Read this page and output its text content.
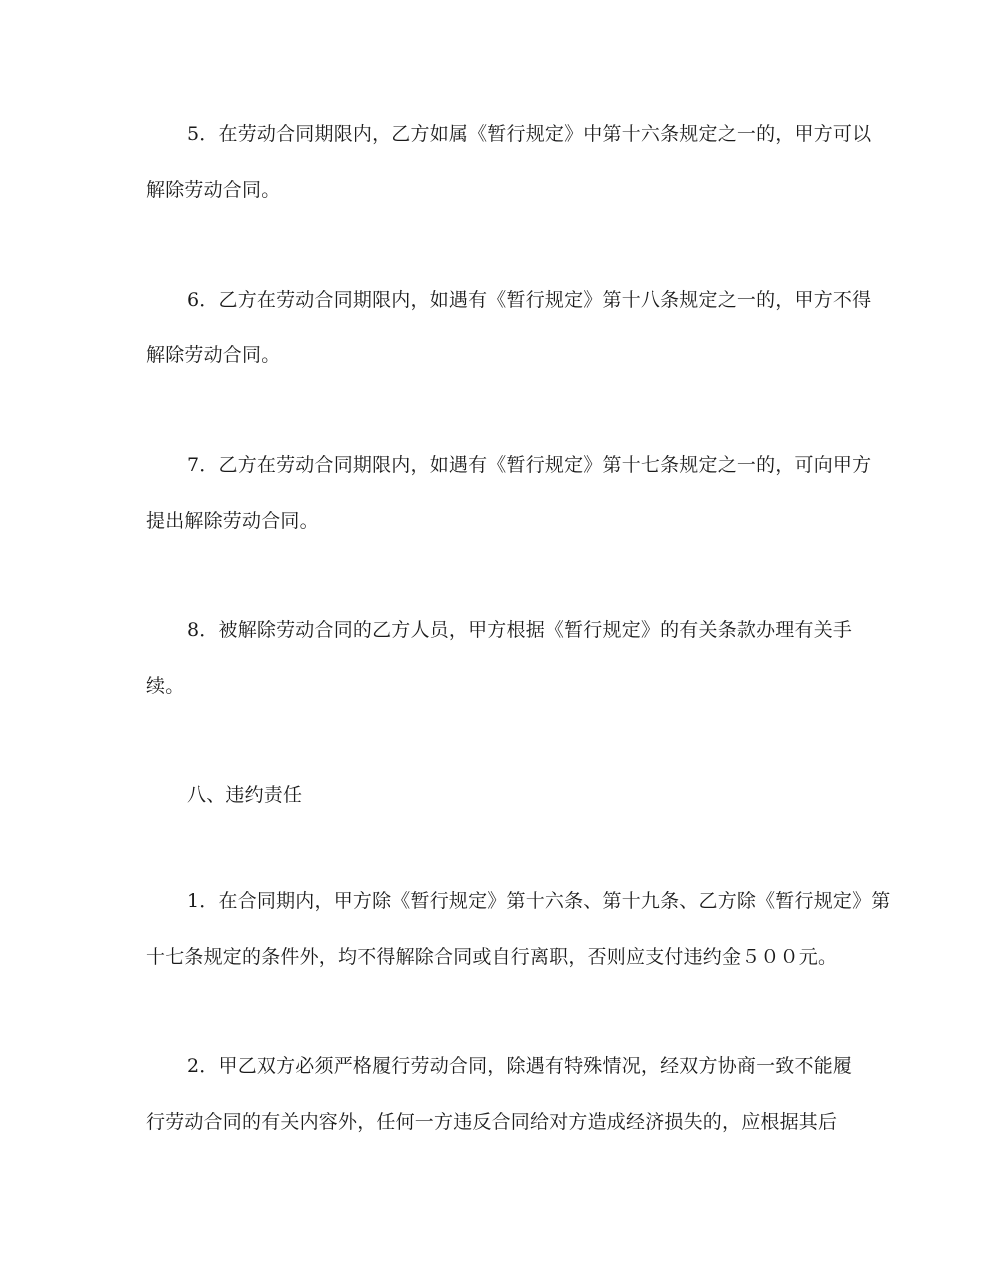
5．在劳动合同期限内，乙方如属《暂行规定》中第十六条规定之一的，甲方可以
解除劳动合同。
6．乙方在劳动合同期限内，如遇有《暂行规定》第十八条规定之一的，甲方不得
解除劳动合同。
7．乙方在劳动合同期限内，如遇有《暂行规定》第十七条规定之一的，可向甲方
提出解除劳动合同。
8．被解除劳动合同的乙方人员，甲方根据《暂行规定》的有关条款办理有关手
续。
八、违约责任
1．在合同期内，甲方除《暂行规定》第十六条、第十九条、乙方除《暂行规定》第
十七条规定的条件外，均不得解除合同或自行离职，否则应支付违约金５００元。
2．甲乙双方必须严格履行劳动合同，除遇有特殊情况，经双方协商一致不能履
行劳动合同的有关内容外，任何一方违反合同给对方造成经济损失的，应根据其后
